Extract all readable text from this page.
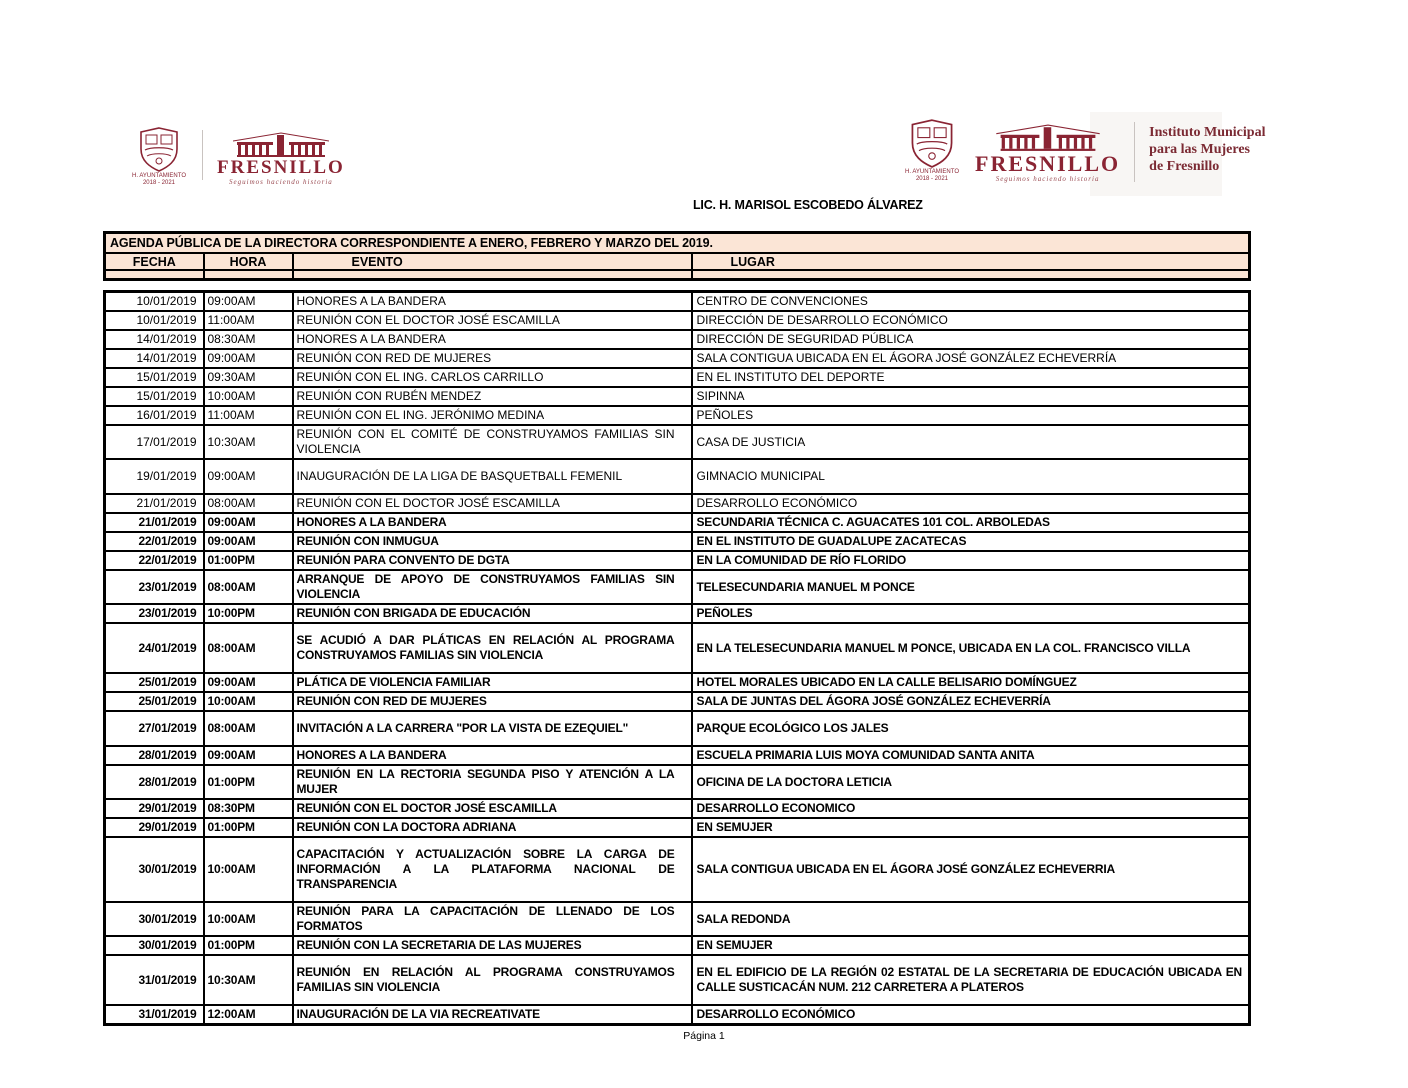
H. AYUNTAMIENTO
2018 - 2021
FRESNILLO
Seguimos haciendo historia
H. AYUNTAMIENTO
2018 - 2021
FRESNILLO
Seguimos haciendo historia
Instituto Municipal
para las Mujeres
de Fresnillo
LIC. H. MARISOL ESCOBEDO ÁLVAREZ
AGENDA PÚBLICA DE LA DIRECTORA CORRESPONDIENTE A ENERO, FEBRERO Y MARZO DEL 2019.			
FECHA	HORA	EVENTO	LUGAR

10/01/2019	09:00AM	HONORES A LA BANDERA	CENTRO DE CONVENCIONES
10/01/2019	11:00AM	REUNIÓN CON EL DOCTOR JOSÉ ESCAMILLA	DIRECCIÓN DE DESARROLLO ECONÓMICO
14/01/2019	08:30AM	HONORES A LA BANDERA	DIRECCIÓN DE SEGURIDAD PÚBLICA
14/01/2019	09:00AM	REUNIÓN CON RED DE MUJERES	SALA CONTIGUA UBICADA EN EL ÁGORA JOSÉ GONZÁLEZ ECHEVERRÍA
15/01/2019	09:30AM	REUNIÓN CON EL ING. CARLOS CARRILLO	EN EL INSTITUTO DEL DEPORTE
15/01/2019	10:00AM	REUNIÓN CON RUBÉN MENDEZ	SIPINNA
16/01/2019	11:00AM	REUNIÓN CON EL ING. JERÓNIMO MEDINA	PEÑOLES
17/01/2019	10:30AM	REUNIÓN CON EL COMITÉ DE CONSTRUYAMOS FAMILIAS SIN VIOLENCIA	CASA DE JUSTICIA
19/01/2019	09:00AM	INAUGURACIÓN DE LA LIGA DE BASQUETBALL FEMENIL	GIMNACIO MUNICIPAL
21/01/2019	08:00AM	REUNIÓN CON EL DOCTOR JOSÉ ESCAMILLA	DESARROLLO ECONÓMICO
21/01/2019	09:00AM	HONORES A LA BANDERA	SECUNDARIA TÉCNICA C. AGUACATES 101 COL. ARBOLEDAS
22/01/2019	09:00AM	REUNIÓN CON INMUGUA	EN EL INSTITUTO DE GUADALUPE ZACATECAS
22/01/2019	01:00PM	REUNIÓN PARA CONVENTO DE DGTA	EN LA COMUNIDAD DE RÍO FLORIDO
23/01/2019	08:00AM	ARRANQUE DE APOYO DE CONSTRUYAMOS FAMILIAS SIN VIOLENCIA	TELESECUNDARIA MANUEL M PONCE
23/01/2019	10:00PM	REUNIÓN CON BRIGADA DE EDUCACIÓN	PEÑOLES
24/01/2019	08:00AM	SE ACUDIÓ A DAR PLÁTICAS EN RELACIÓN AL PROGRAMA CONSTRUYAMOS FAMILIAS SIN VIOLENCIA	EN LA TELESECUNDARIA MANUEL M PONCE, UBICADA EN LA COL. FRANCISCO VILLA
25/01/2019	09:00AM	PLÁTICA DE VIOLENCIA FAMILIAR	HOTEL MORALES UBICADO EN LA CALLE BELISARIO DOMÍNGUEZ
25/01/2019	10:00AM	REUNIÓN CON RED DE MUJERES	SALA DE JUNTAS DEL ÁGORA JOSÉ GONZÁLEZ ECHEVERRÍA
27/01/2019	08:00AM	INVITACIÓN A LA CARRERA "POR LA VISTA DE EZEQUIEL"	PARQUE ECOLÓGICO LOS JALES
28/01/2019	09:00AM	HONORES A LA BANDERA	ESCUELA PRIMARIA LUIS MOYA COMUNIDAD SANTA ANITA
28/01/2019	01:00PM	REUNIÓN EN LA RECTORIA SEGUNDA PISO Y ATENCIÓN A LA MUJER	OFICINA DE LA DOCTORA LETICIA
29/01/2019	08:30PM	REUNIÓN CON EL DOCTOR JOSÉ ESCAMILLA	DESARROLLO ECONOMICO
29/01/2019	01:00PM	REUNIÓN CON LA DOCTORA ADRIANA	EN SEMUJER
30/01/2019	10:00AM	CAPACITACIÓN Y ACTUALIZACIÓN SOBRE LA CARGA DE INFORMACIÓN A LA PLATAFORMA NACIONAL DE TRANSPARENCIA	SALA CONTIGUA UBICADA EN EL ÁGORA JOSÉ GONZÁLEZ ECHEVERRIA
30/01/2019	10:00AM	REUNIÓN PARA LA CAPACITACIÓN DE LLENADO DE LOS FORMATOS	SALA REDONDA
30/01/2019	01:00PM	REUNIÓN CON LA SECRETARIA DE LAS MUJERES	EN SEMUJER
31/01/2019	10:30AM	REUNIÓN EN RELACIÓN AL PROGRAMA CONSTRUYAMOS FAMILIAS SIN VIOLENCIA	EN EL EDIFICIO DE LA REGIÓN 02 ESTATAL DE LA SECRETARIA DE EDUCACIÓN UBICADA EN CALLE SUSTICACÁN NUM. 212 CARRETERA A PLATEROS
31/01/2019	12:00AM	INAUGURACIÓN DE LA VIA RECREATIVATE	DESARROLLO ECONÓMICO
Página 1
